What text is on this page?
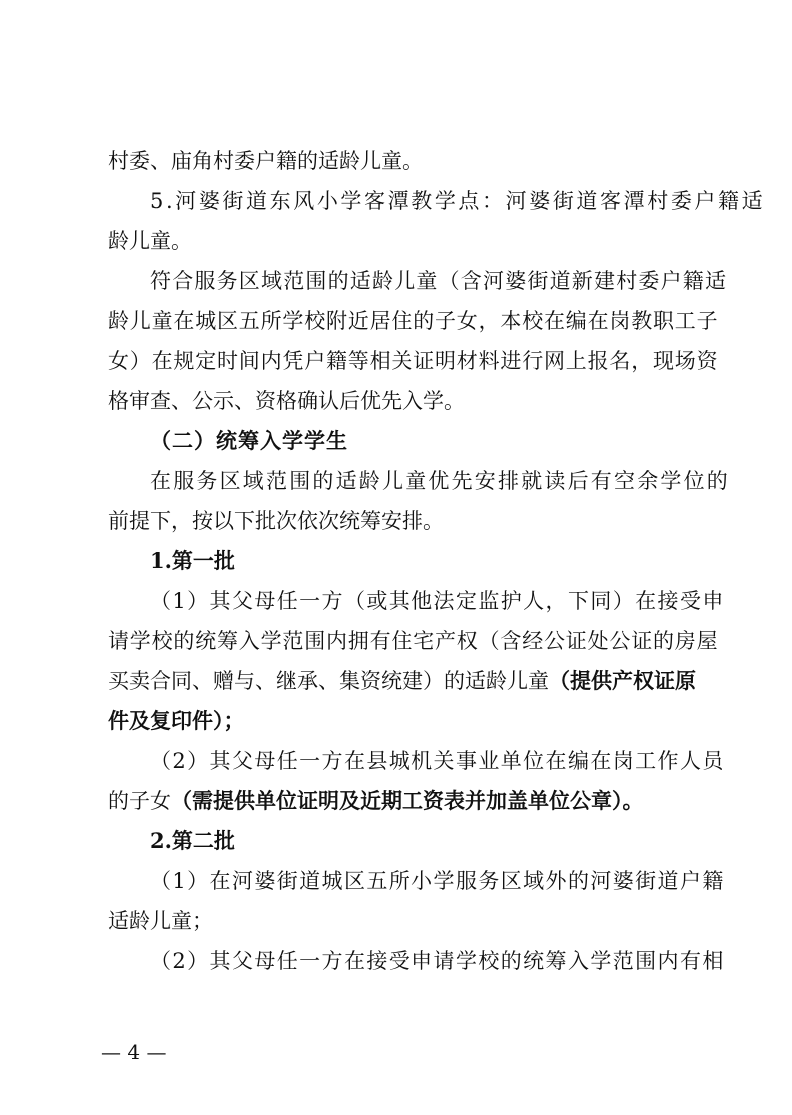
村委、庙角村委户籍的适龄儿童。
5.河婆街道东风小学客潭教学点：河婆街道客潭村委户籍适
龄儿童。
符合服务区域范围的适龄儿童（含河婆街道新建村委户籍适
龄儿童在城区五所学校附近居住的子女，本校在编在岗教职工子
女）在规定时间内凭户籍等相关证明材料进行网上报名，现场资
格审查、公示、资格确认后优先入学。
（二）统筹入学学生
在服务区域范围的适龄儿童优先安排就读后有空余学位的
前提下，按以下批次依次统筹安排。
1.第一批
（1）其父母任一方（或其他法定监护人，下同）在接受申
请学校的统筹入学范围内拥有住宅产权（含经公证处公证的房屋
买卖合同、赠与、继承、集资统建）的适龄儿童（提供产权证原
件及复印件）；
（2）其父母任一方在县城机关事业单位在编在岗工作人员
的子女（需提供单位证明及近期工资表并加盖单位公章）。
2.第二批
（1）在河婆街道城区五所小学服务区域外的河婆街道户籍
适龄儿童；
（2）其父母任一方在接受申请学校的统筹入学范围内有相
— 4 —
